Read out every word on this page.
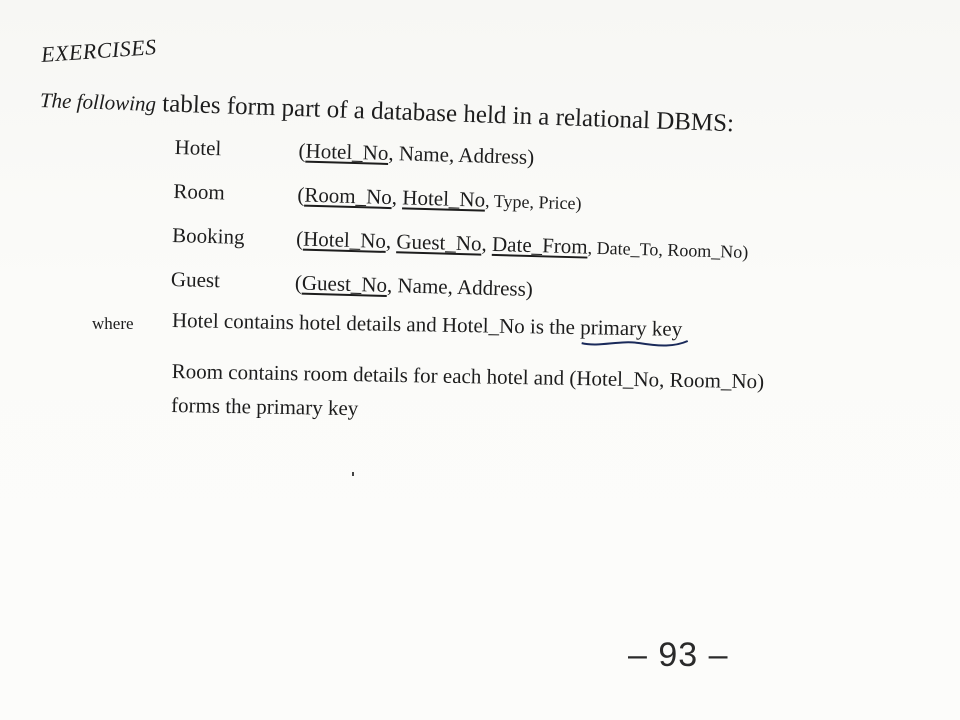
EXERCISES
The following tables form part of a database held in a relational DBMS:
Hotel	(Hotel_No, Name, Address)
Room	(Room_No, Hotel_No, Type, Price)
Booking (Hotel_No, Guest_No, Date_From, Date_To, Room_No)
Guest	(Guest_No, Name, Address)
where Hotel contains hotel details and Hotel_No is the primary key
Room contains room details for each hotel and (Hotel_No, Room_No)
forms the primary key
– 93 –
